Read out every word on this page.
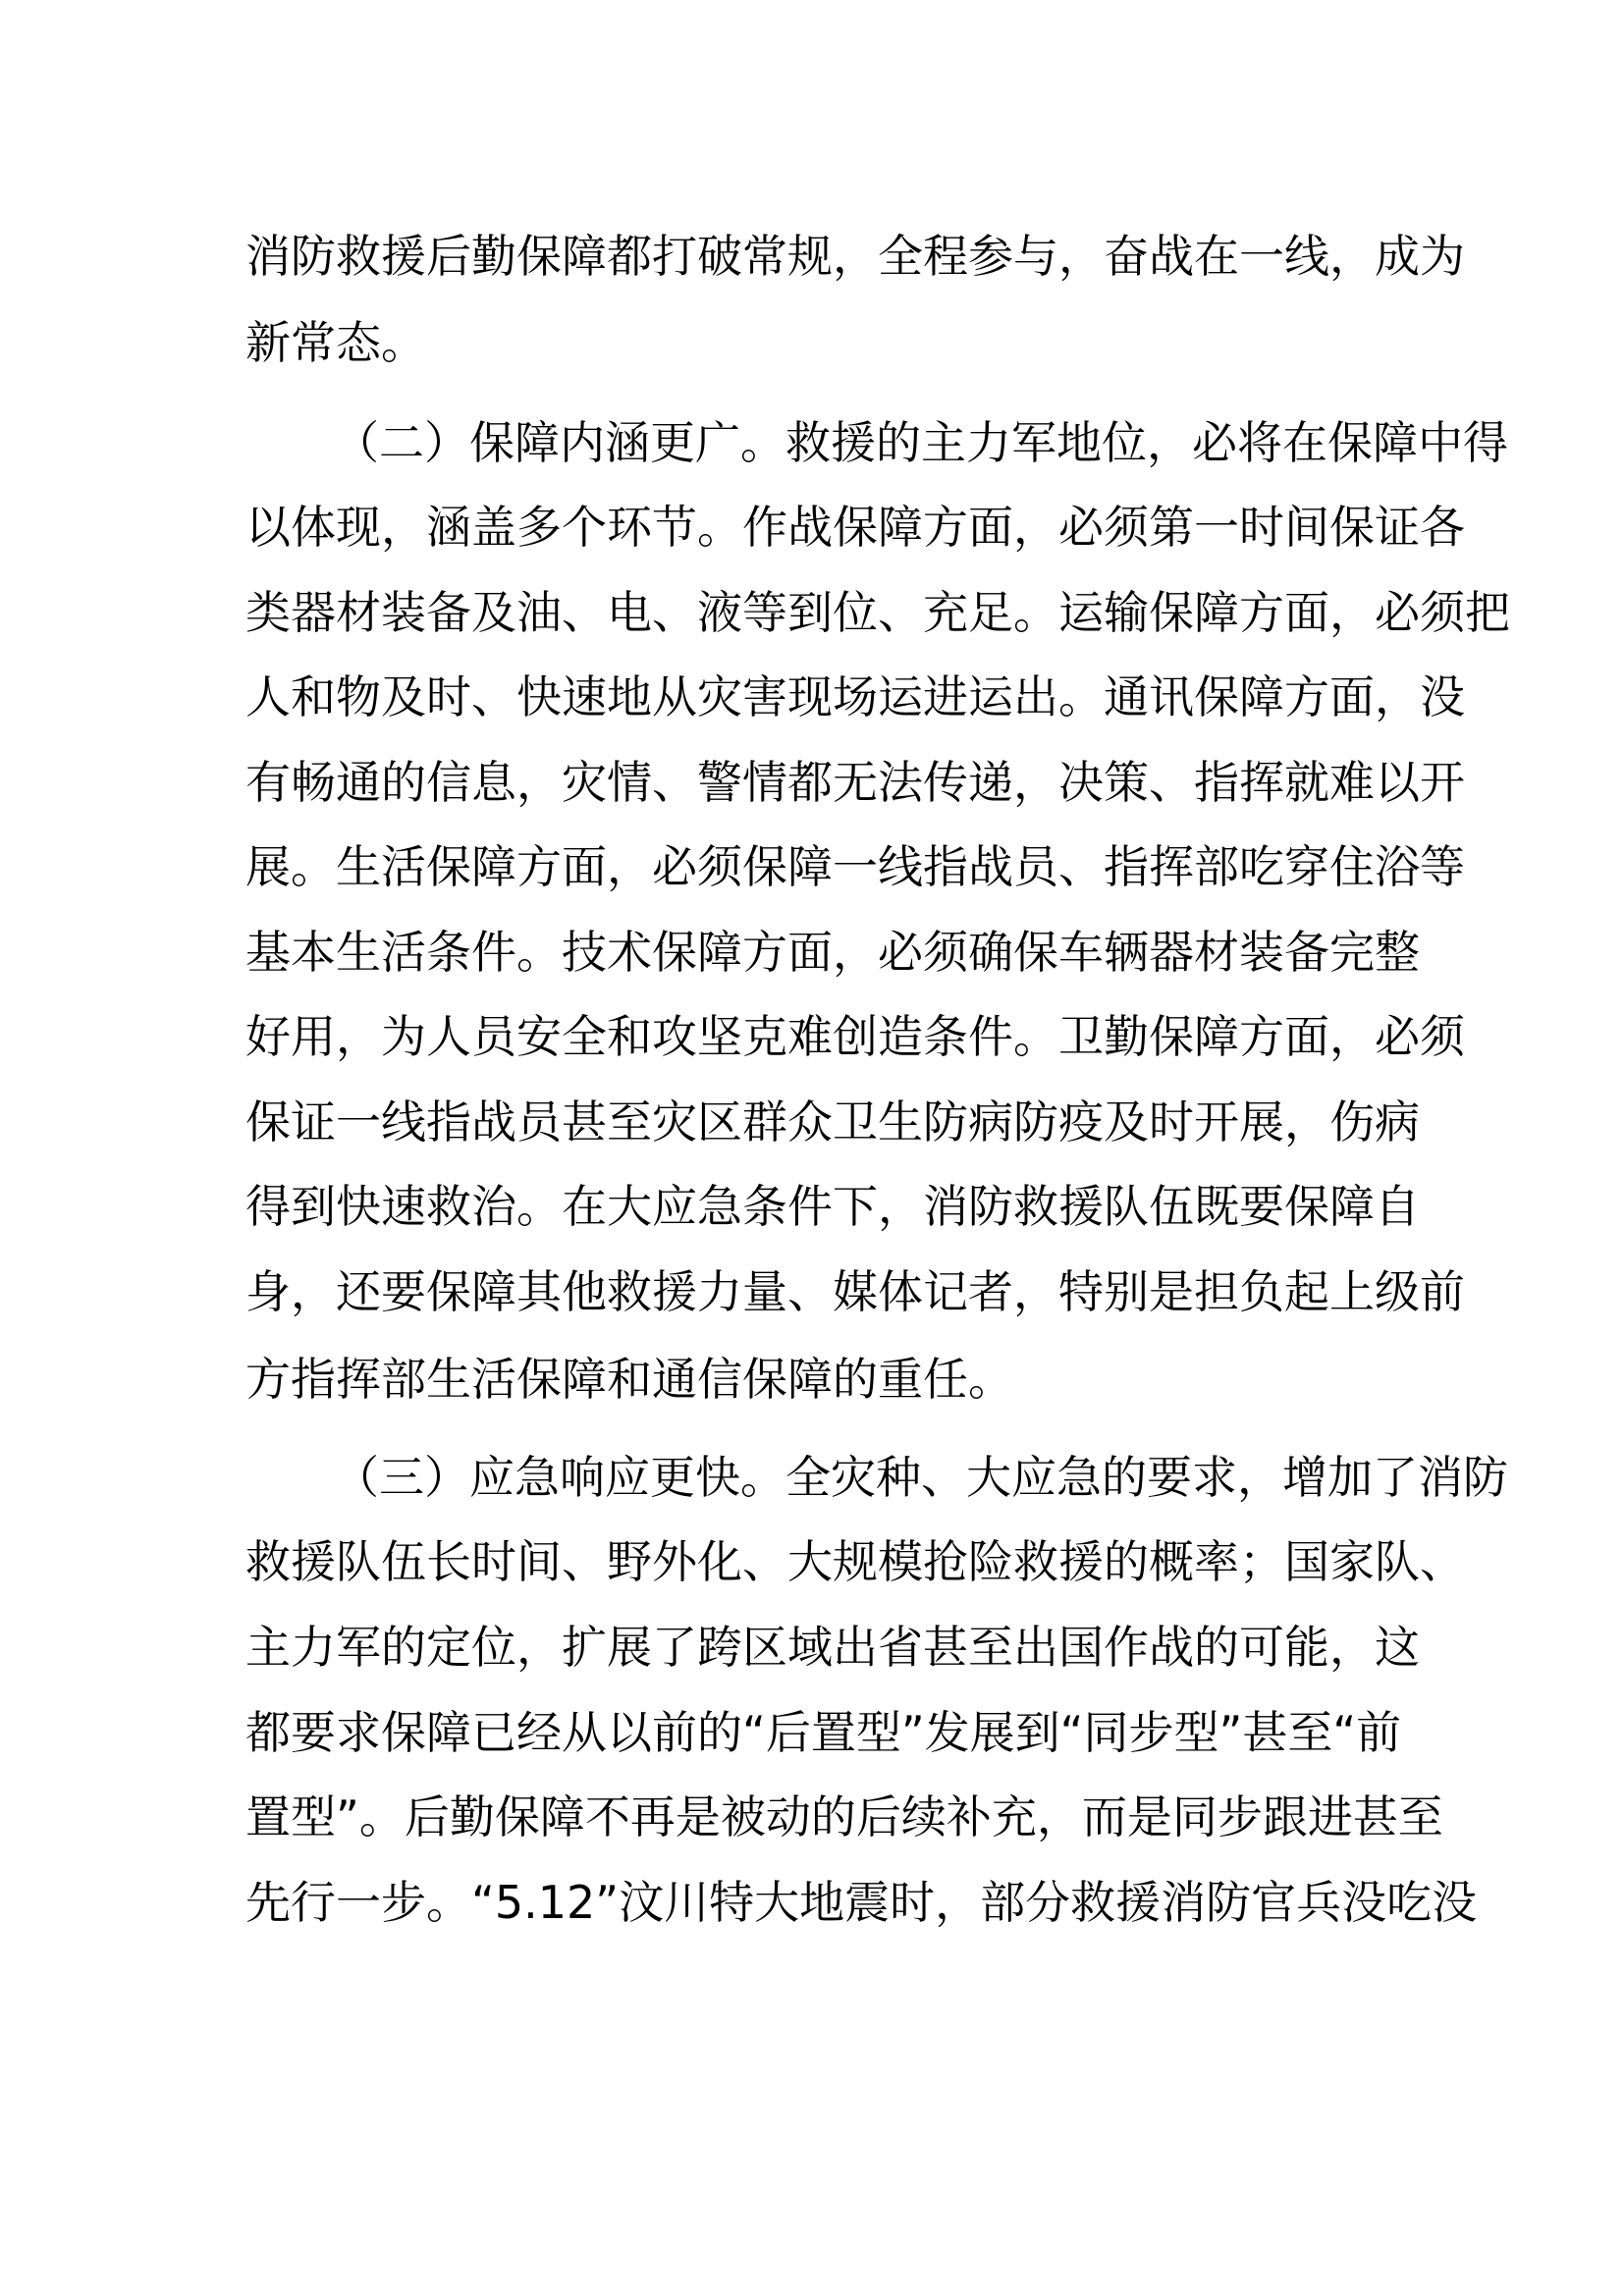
消防救援后勤保障都打破常规，全程参与，奋战在一线，成为
新常态。
（二）保障内涵更广。救援的主力军地位，必将在保障中得
以体现，涵盖多个环节。作战保障方面，必须第一时间保证各
类器材装备及油、电、液等到位、充足。运输保障方面，必须把
人和物及时、快速地从灾害现场运进运出。通讯保障方面，没
有畅通的信息，灾情、警情都无法传递，决策、指挥就难以开
展。生活保障方面，必须保障一线指战员、指挥部吃穿住浴等
基本生活条件。技术保障方面，必须确保车辆器材装备完整
好用，为人员安全和攻坚克难创造条件。卫勤保障方面，必须
保证一线指战员甚至灾区群众卫生防病防疫及时开展，伤病
得到快速救治。在大应急条件下，消防救援队伍既要保障自
身，还要保障其他救援力量、媒体记者，特别是担负起上级前
方指挥部生活保障和通信保障的重任。
（三）应急响应更快。全灾种、大应急的要求，增加了消防
救援队伍长时间、野外化、大规模抢险救援的概率；国家队、
主力军的定位，扩展了跨区域出省甚至出国作战的可能，这
都要求保障已经从以前的“后置型”发展到“同步型”甚至“前
置型”。后勤保障不再是被动的后续补充，而是同步跟进甚至
先行一步。“5.12”汶川特大地震时，部分救援消防官兵没吃没
